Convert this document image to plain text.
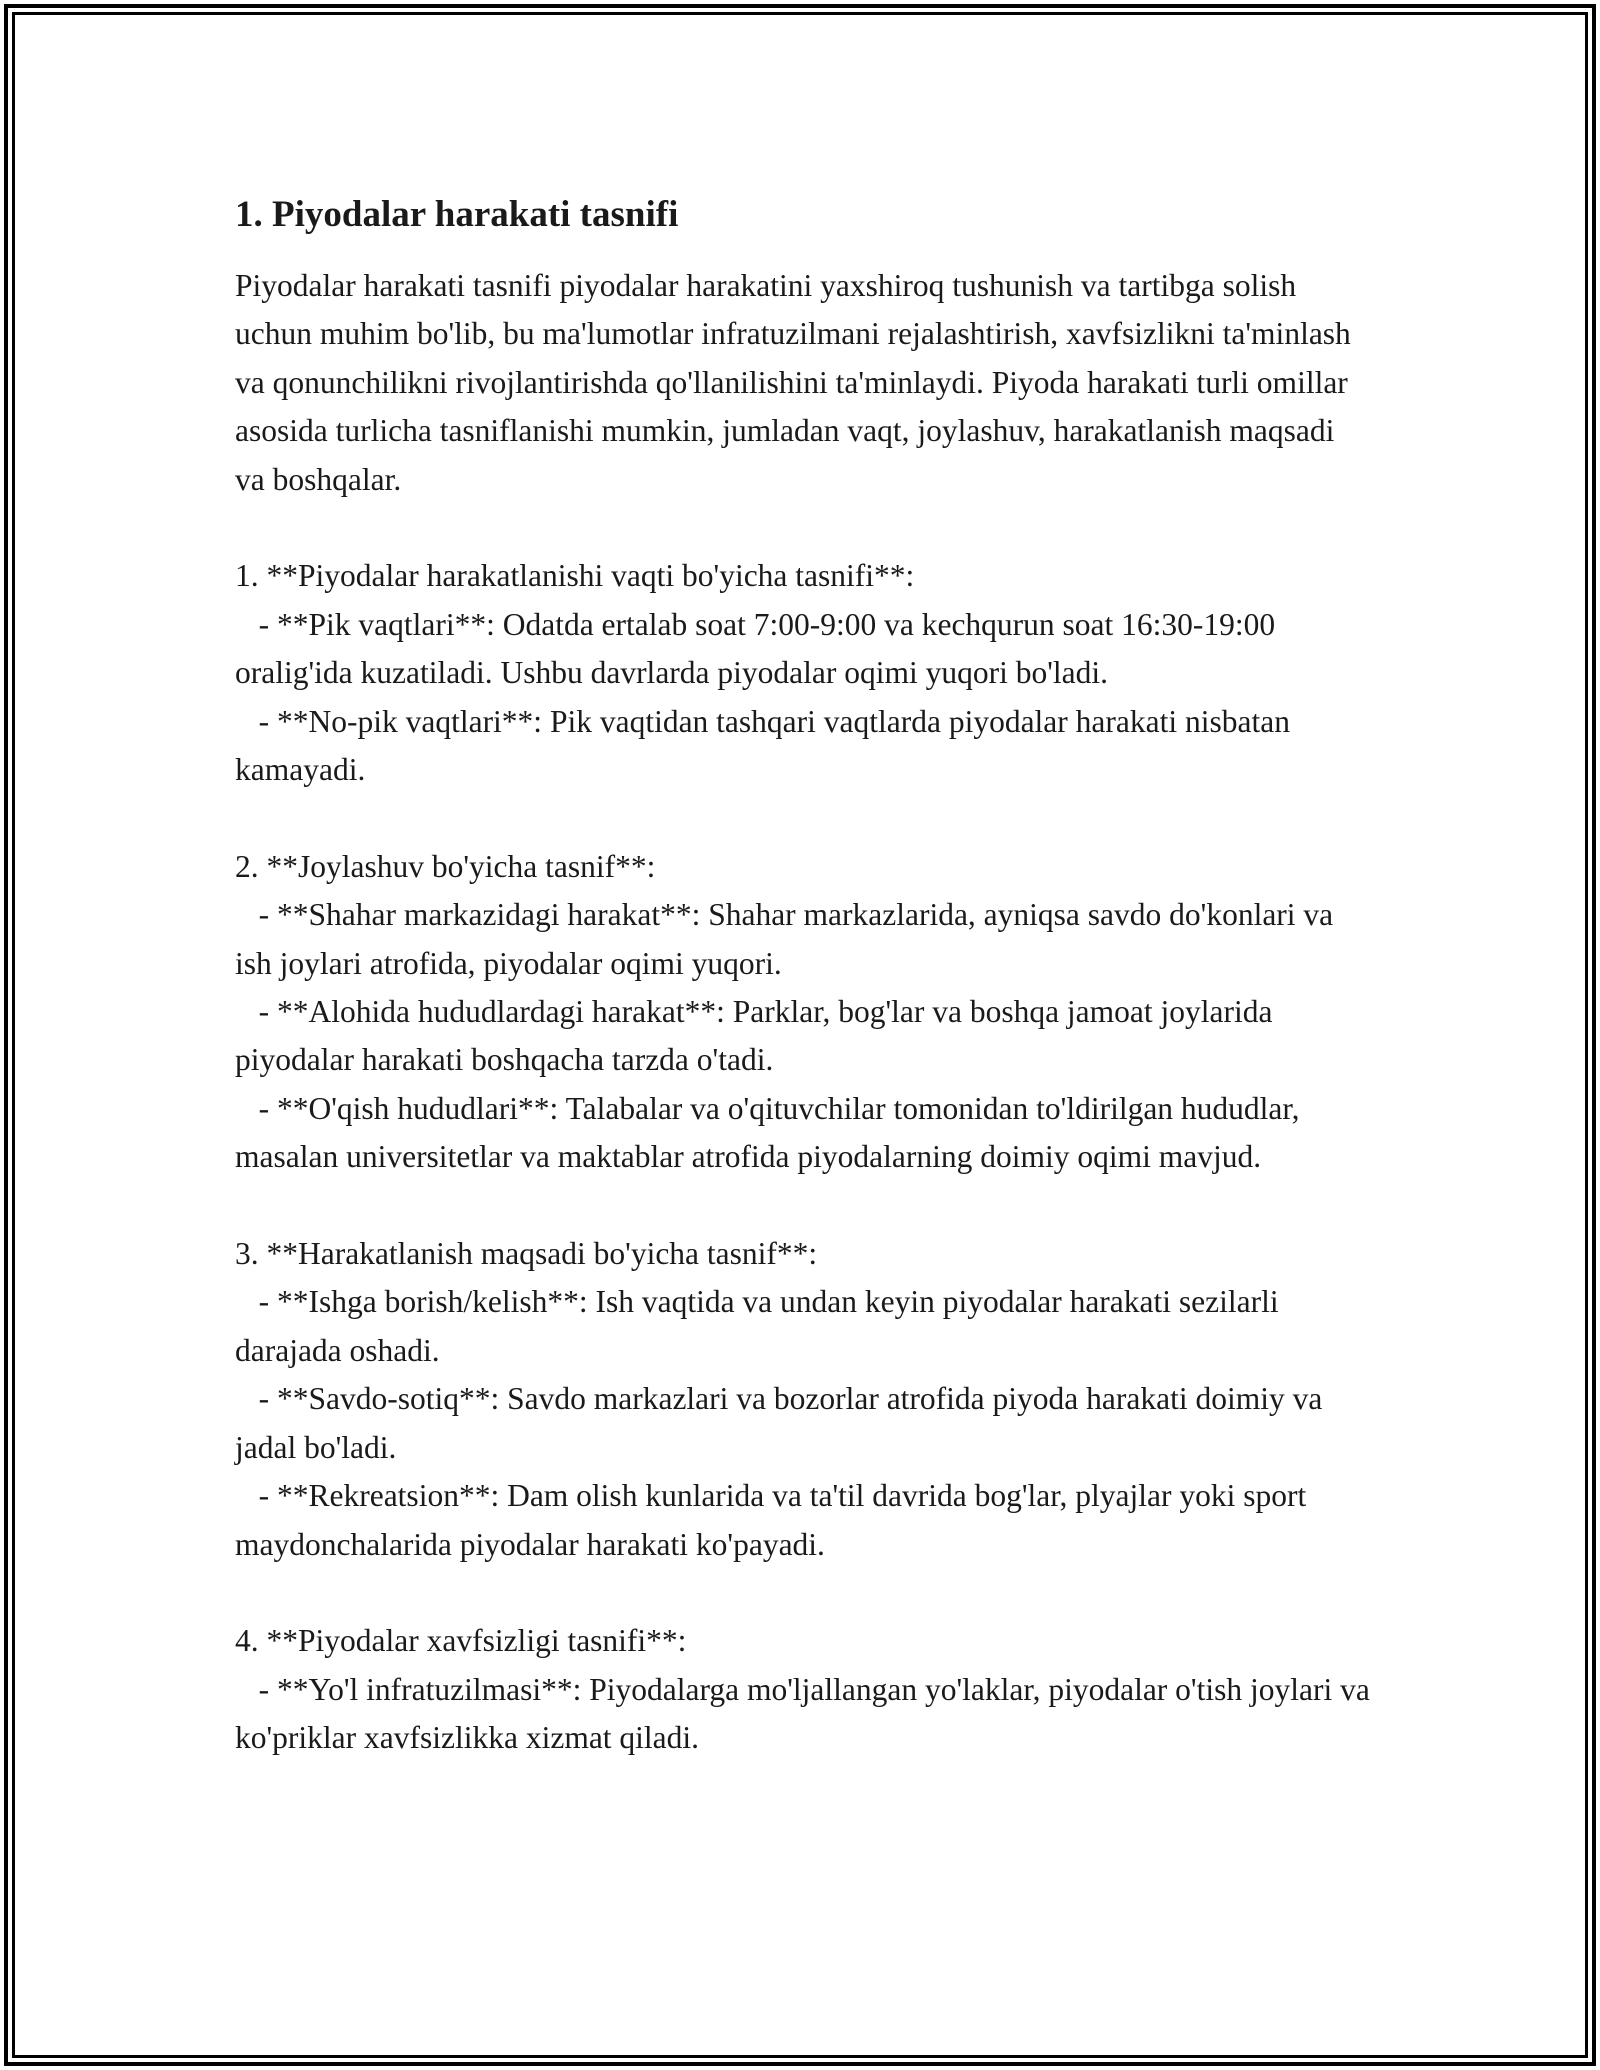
1. Piyodalar harakati tasnifi

Piyodalar harakati tasnifi piyodalar harakatini yaxshiroq tushunish va tartibga solish uchun muhim bo'lib, bu ma'lumotlar infratuzilmani rejalashtirish, xavfsizlikni ta'minlash va qonunchilikni rivojlantirishda qo'llanilishini ta'minlaydi. Piyoda harakati turli omillar asosida turlicha tasniflanishi mumkin, jumladan vaqt, joylashuv, harakatlanish maqsadi va boshqalar.

1. **Piyodalar harakatlanishi vaqti bo'yicha tasnifi**:
- **Pik vaqtlari**: Odatda ertalab soat 7:00-9:00 va kechqurun soat 16:30-19:00 oralig'ida kuzatiladi. Ushbu davrlarda piyodalar oqimi yuqori bo'ladi.
- **No-pik vaqtlari**: Pik vaqtidan tashqari vaqtlarda piyodalar harakati nisbatan kamayadi.
2. **Joylashuv bo'yicha tasnif**:
- **Shahar markazidagi harakat**: Shahar markazlarida, ayniqsa savdo do'konlari va ish joylari atrofida, piyodalar oqimi yuqori.
- **Alohida hududlardagi harakat**: Parklar, bog'lar va boshqa jamoat joylarida piyodalar harakati boshqacha tarzda o'tadi.
- **O'qish hududlari**: Talabalar va o'qituvchilar tomonidan to'ldirilgan hududlar, masalan universitetlar va maktablar atrofida piyodalarning doimiy oqimi mavjud.
3. **Harakatlanish maqsadi bo'yicha tasnif**:
- **Ishga borish/kelish**: Ish vaqtida va undan keyin piyodalar harakati sezilarli darajada oshadi.
- **Savdo-sotiq**: Savdo markazlari va bozorlar atrofida piyoda harakati doimiy va jadal bo'ladi.
- **Rekreatsion**: Dam olish kunlarida va ta'til davrida bog'lar, plyajlar yoki sport maydonchalarida piyodalar harakati ko'payadi.
4. **Piyodalar xavfsizligi tasnifi**:
- **Yo'l infratuzilmasi**: Piyodalarga mo'ljallangan yo'laklar, piyodalar o'tish joylari va ko'priklar xavfsizlikka xizmat qiladi.
